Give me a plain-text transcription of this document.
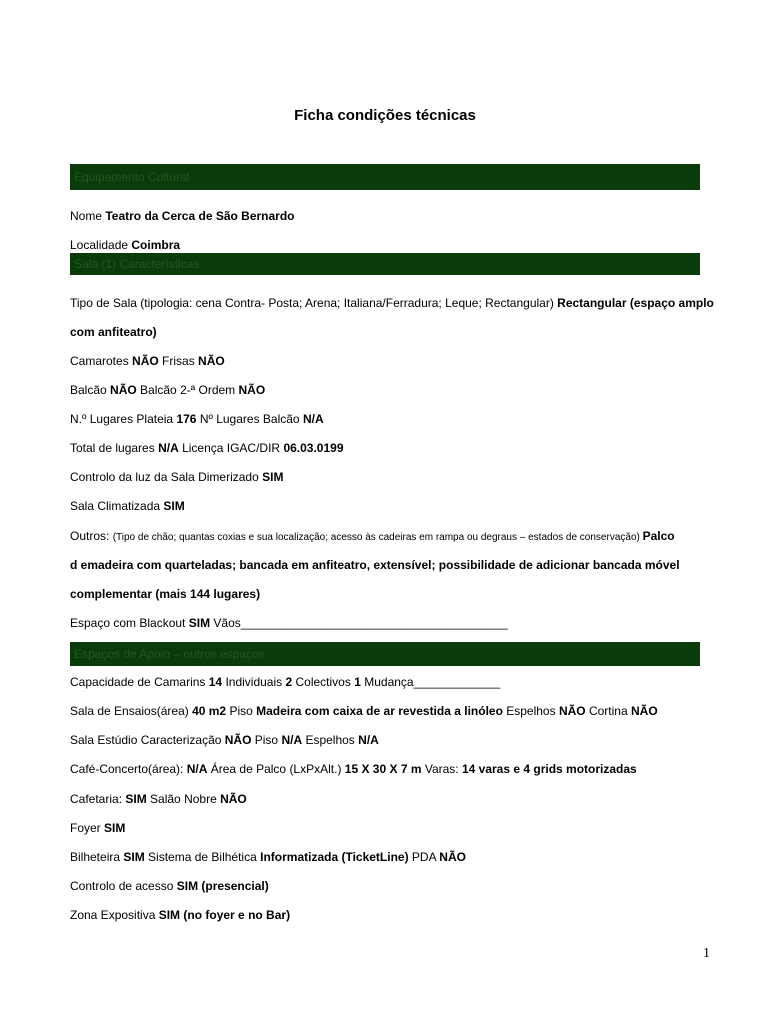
Ficha condições técnicas
Equipamento Cultural
Nome Teatro da Cerca de São Bernardo
Localidade Coimbra
Sala (1) Características
Tipo de Sala (tipologia: cena Contra- Posta; Arena; Italiana/Ferradura; Leque; Rectangular) Rectangular (espaço amplo
com anfiteatro)
Camarotes NÃO Frisas NÃO
Balcão NÃO Balcão 2-ª Ordem NÃO
N.º Lugares Plateia 176 Nº Lugares Balcão N/A
Total de lugares N/A Licença IGAC/DIR 06.03.0199
Controlo da luz da Sala Dimerizado SIM
Sala Climatizada SIM
Outros: (Tipo de chão; quantas coxias e sua localização; acesso às cadeiras em rampa ou degraus – estados de conservação) Palco
d emadeira com quarteladas; bancada em anfiteatro, extensível; possibilidade de adicionar bancada móvel
complementar (mais 144 lugares)
Espaço com Blackout SIM Vãos________________________________________
Espaços de Apoio – outros espaços
Capacidade de Camarins 14 Individuais 2 Colectivos 1 Mudança_____________
Sala de Ensaios(área) 40 m2 Piso Madeira com caixa de ar revestida a linóleo Espelhos NÃO Cortina NÃO
Sala Estúdio Caracterização NÃO Piso N/A Espelhos N/A
Café-Concerto(área): N/A Área de Palco (LxPxAlt.) 15 X 30 X 7 m Varas: 14 varas e 4 grids motorizadas
Cafetaria: SIM Salão Nobre NÃO
Foyer SIM
Bilheteira SIM Sistema de Bilhética Informatizada (TicketLine) PDA NÃO
Controlo de acesso SIM (presencial)
Zona Expositiva SIM (no foyer e no Bar)
1
